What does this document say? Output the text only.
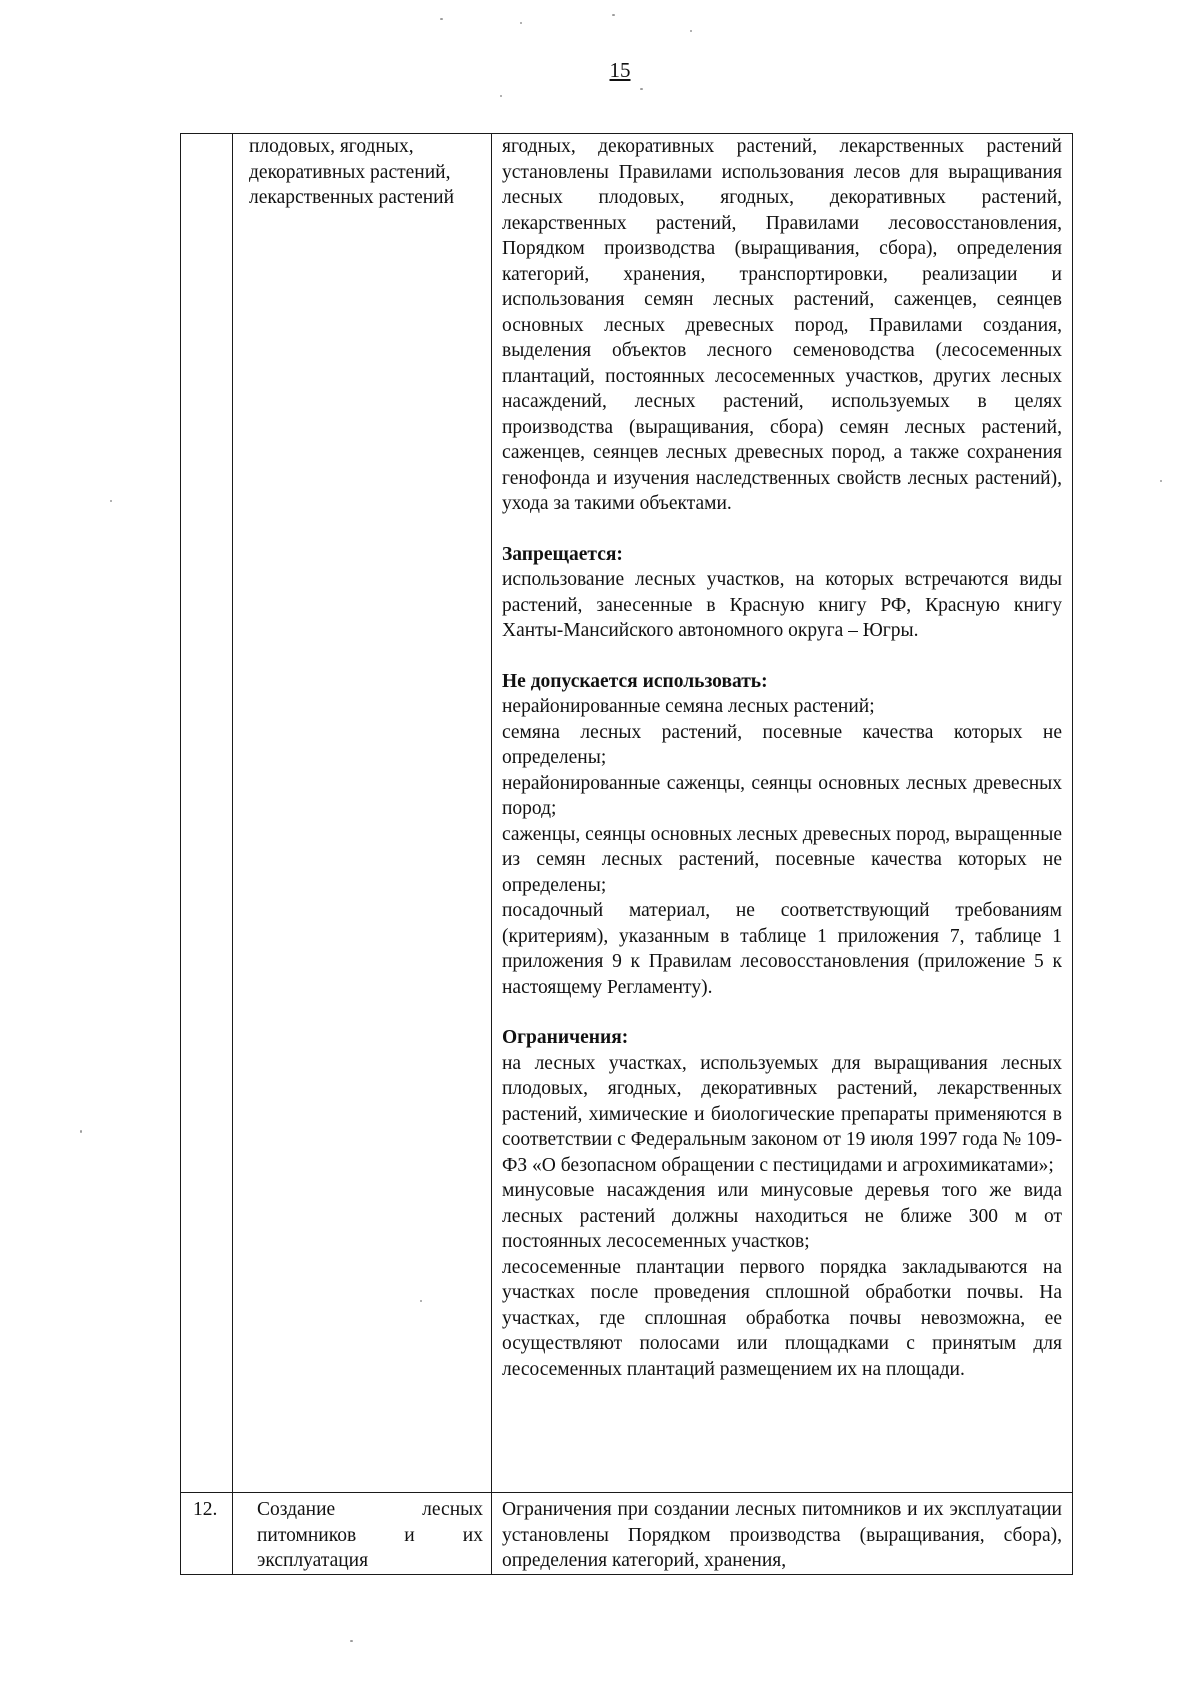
15
плодовых, ягодных, декоративных растений, лекарственных растений

ягодных, декоративных растений, лекарственных растений установлены Правилами использования лесов для выращивания лесных плодовых, ягодных, декоративных растений, лекарственных растений, Правилами лесовосстановления, Порядком производства (выращивания, сбора), определения категорий, хранения, транспортировки, реализации и использования семян лесных растений, саженцев, сеянцев основных лесных древесных пород, Правилами создания, выделения объектов лесного семеноводства (лесосеменных плантаций, постоянных лесосеменных участков, других лесных насаждений, лесных растений, используемых в целях производства (выращивания, сбора) семян лесных растений, саженцев, сеянцев лесных древесных пород, а также сохранения генофонда и изучения наследственных свойств лесных растений), ухода за такими объектами.

Запрещается:

использование лесных участков, на которых встречаются виды растений, занесенные в Красную книгу РФ, Красную книгу Ханты-Мансийского автономного округа – Югры.

Не допускается использовать:

нерайонированные семяна лесных растений;

семяна лесных растений, посевные качества которых не определены;

нерайонированные саженцы, сеянцы основных лесных древесных пород;

саженцы, сеянцы основных лесных древесных пород, выращенные из семян лесных растений, посевные качества которых не определены;

посадочный материал, не соответствующий требованиям (критериям), указанным в таблице 1 приложения 7, таблице 1 приложения 9 к Правилам лесовосстановления (приложение 5 к настоящему Регламенту).

Ограничения:

на лесных участках, используемых для выращивания лесных плодовых, ягодных, декоративных растений, лекарственных растений, химические и биологические препараты применяются в соответствии с Федеральным законом от 19 июля 1997 года № 109-ФЗ «О безопасном обращении с пестицидами и агрохимикатами»;

минусовые насаждения или минусовые деревья того же вида лесных растений должны находиться не ближе 300 м от постоянных лесосеменных участков;

лесосеменные плантации первого порядка закладываются на участках после проведения сплошной обработки почвы. На участках, где сплошная обработка почвы невозможна, ее осуществляют полосами или площадками с принятым для лесосеменных плантаций размещением их на площади.

12.	Создание лесных питомников и их эксплуатация
Ограничения при создании лесных питомников и их эксплуатации установлены Порядком производства (выращивания, сбора), определения категорий, хранения,
